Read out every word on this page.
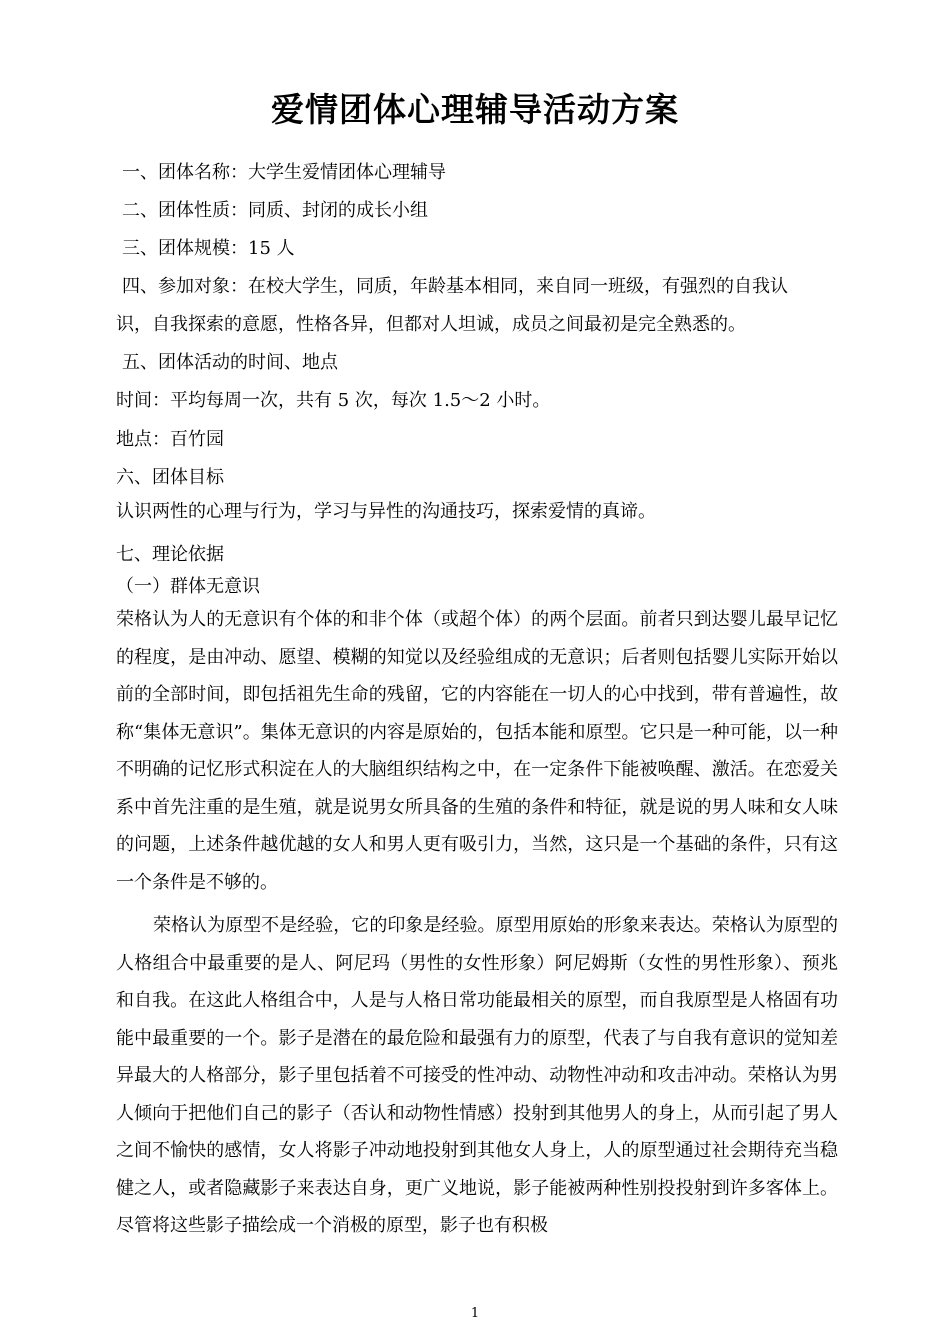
爱情团体心理辅导活动方案
一、团体名称：大学生爱情团体心理辅导
二、团体性质：同质、封闭的成长小组
三、团体规模：15 人
四、参加对象：在校大学生，同质，年龄基本相同，来自同一班级，有强烈的自我认
识，自我探索的意愿，性格各异，但都对人坦诚，成员之间最初是完全熟悉的。
五、团体活动的时间、地点
时间：平均每周一次，共有 5 次，每次 1.5～2 小时。
地点：百竹园
六、团体目标
认识两性的心理与行为，学习与异性的沟通技巧，探索爱情的真谛。
七、理论依据
（一）群体无意识
荣格认为人的无意识有个体的和非个体（或超个体）的两个层面。前者只到达婴儿最早记忆的程度，是由冲动、愿望、模糊的知觉以及经验组成的无意识；后者则包括婴儿实际开始以前的全部时间，即包括祖先生命的残留，它的内容能在一切人的心中找到，带有普遍性，故称“集体无意识”。集体无意识的内容是原始的，包括本能和原型。它只是一种可能，以一种不明确的记忆形式积淀在人的大脑组织结构之中，在一定条件下能被唤醒、激活。在恋爱关系中首先注重的是生殖，就是说男女所具备的生殖的条件和特征，就是说的男人味和女人味的问题，上述条件越优越的女人和男人更有吸引力，当然，这只是一个基础的条件，只有这一个条件是不够的。
荣格认为原型不是经验，它的印象是经验。原型用原始的形象来表达。荣格认为原型的人格组合中最重要的是人、阿尼玛（男性的女性形象）阿尼姆斯（女性的男性形象）、预兆和自我。在这此人格组合中，人是与人格日常功能最相关的原型，而自我原型是人格固有功能中最重要的一个。影子是潜在的最危险和最强有力的原型，代表了与自我有意识的觉知差异最大的人格部分，影子里包括着不可接受的性冲动、动物性冲动和攻击冲动。荣格认为男人倾向于把他们自己的影子（否认和动物性情感）投射到其他男人的身上，从而引起了男人之间不愉快的感情，女人将影子冲动地投射到其他女人身上，人的原型通过社会期待充当稳健之人，或者隐藏影子来表达自身，更广义地说，影子能被两种性别投投射到许多客体上。尽管将这些影子描绘成一个消极的原型，影子也有积极
1
